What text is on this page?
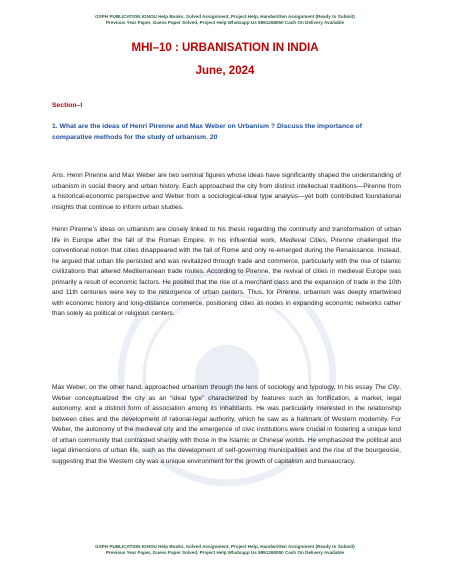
GSPH PUBLICATION IGNOU Help Books, Solved Assignment, Project Help, Handwritten Assignment (Ready to Submit)
Previous Year Paper, Guess Paper Solved, Project Help Whatsapp Us 9891268050 Cash On Delivery Available
MHI–10 : URBANISATION IN INDIA
June, 2024
Section–I
1. What are the ideas of Henri Pirenne and Max Weber on Urbanism ? Discuss the importance of comparative methods for the study of urbanism. 20
Ans. Henri Pirenne and Max Weber are two seminal figures whose ideas have significantly shaped the understanding of urbanism in social theory and urban history. Each approached the city from distinct intellectual traditions—Pirenne from a historical-economic perspective and Weber from a sociological-ideal type analysis—yet both contributed foundational insights that continue to inform urban studies.
Henri Pirenne’s ideas on urbanism are closely linked to his thesis regarding the continuity and transformation of urban life in Europe after the fall of the Roman Empire. In his influential work, Medieval Cities, Pirenne challenged the conventional notion that cities disappeared with the fall of Rome and only re-emerged during the Renaissance. Instead, he argued that urban life persisted and was revitalized through trade and commerce, particularly with the rise of Islamic civilizations that altered Mediterranean trade routes. According to Pirenne, the revival of cities in medieval Europe was primarily a result of economic factors. He posited that the rise of a merchant class and the expansion of trade in the 10th and 11th centuries were key to the resurgence of urban centers. Thus, for Pirenne, urbanism was deeply intertwined with economic history and long-distance commerce, positioning cities as nodes in expanding economic networks rather than solely as political or religious centers.
Max Weber, on the other hand, approached urbanism through the lens of sociology and typology. In his essay The City, Weber conceptualized the city as an “ideal type” characterized by features such as fortification, a market, legal autonomy, and a distinct form of association among its inhabitants. He was particularly interested in the relationship between cities and the development of rational-legal authority, which he saw as a hallmark of Western modernity. For Weber, the autonomy of the medieval city and the emergence of civic institutions were crucial in fostering a unique kind of urban community that contrasted sharply with those in the Islamic or Chinese worlds. He emphasized the political and legal dimensions of urban life, such as the development of self-governing municipalities and the rise of the bourgeoisie, suggesting that the Western city was a unique environment for the growth of capitalism and bureaucracy.
GSPH PUBLICATION IGNOU Help Books, Solved Assignment, Project Help, Handwritten Assignment (Ready to Submit)
Previous Year Paper, Guess Paper Solved, Project Help Whatsapp Us 9891268050 Cash On Delivery Available
